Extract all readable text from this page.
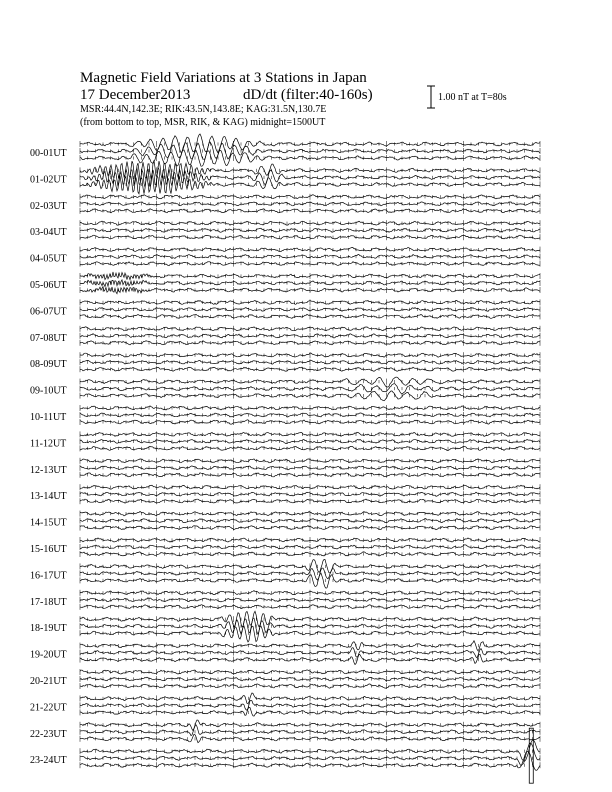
Magnetic Field Variations at 3 Stations in Japan
17 December2013	dD/dt (filter:40-160s)
MSR:44.4N,142.3E; RIK:43.5N,143.8E; KAG:31.5N,130.7E
(from bottom to top, MSR, RIK, & KAG) midnight=1500UT
1.00 nT at T=80s
00-01UT
01-02UT
02-03UT
03-04UT
04-05UT
05-06UT
06-07UT
07-08UT
08-09UT
09-10UT
10-11UT
11-12UT
12-13UT
13-14UT
14-15UT
15-16UT
16-17UT
17-18UT
18-19UT
19-20UT
20-21UT
21-22UT
22-23UT
23-24UT
